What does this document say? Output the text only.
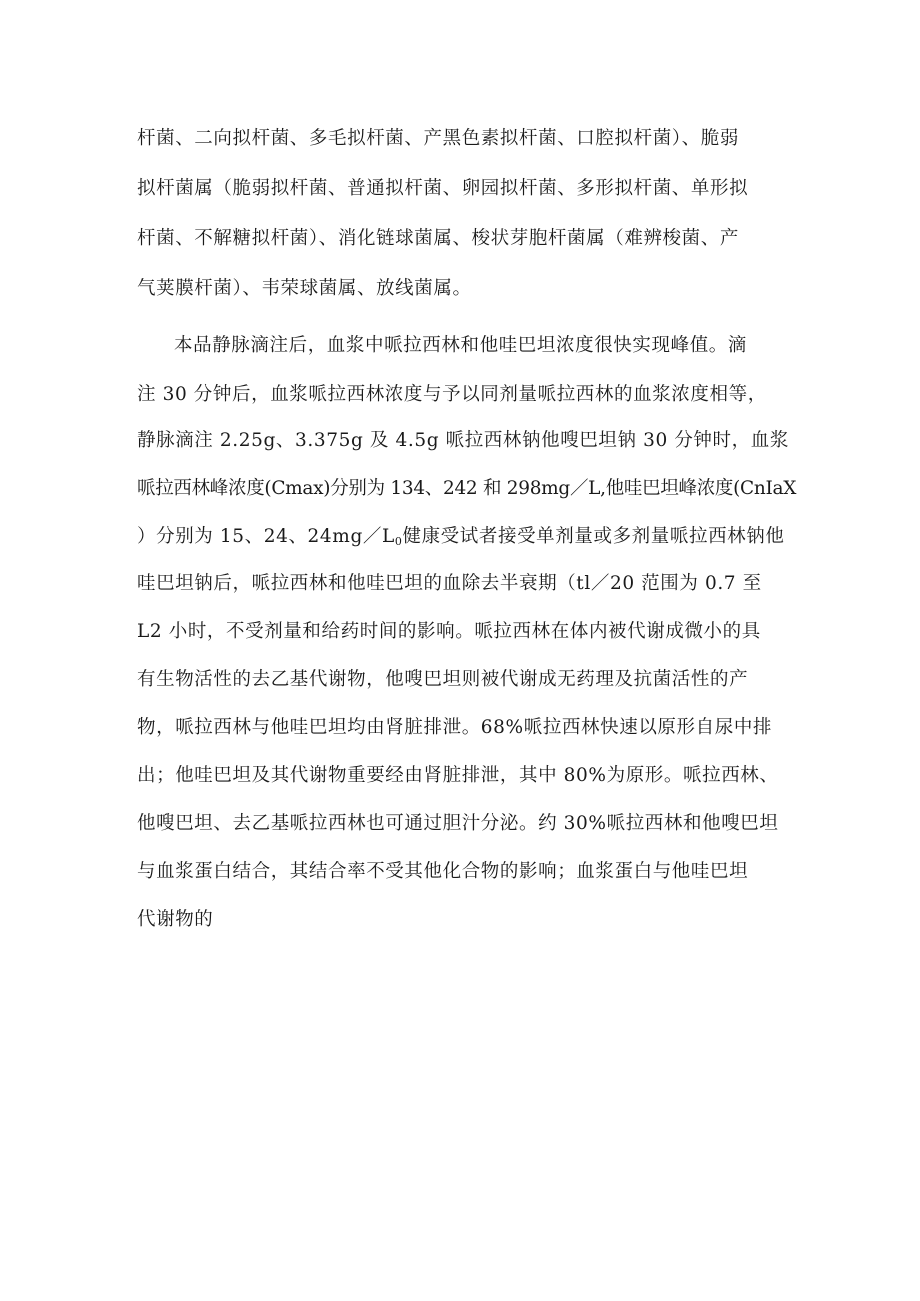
杆菌、二向拟杆菌、多毛拟杆菌、产黑色素拟杆菌、口腔拟杆菌）、脆弱
拟杆菌属（脆弱拟杆菌、普通拟杆菌、卵园拟杆菌、多形拟杆菌、单形拟
杆菌、不解糖拟杆菌）、消化链球菌属、梭状芽胞杆菌属（难辨梭菌、产
气荚膜杆菌）、韦荣球菌属、放线菌属。
本品静脉滴注后，血浆中哌拉西林和他哇巴坦浓度很快实现峰值。滴
注 30 分钟后，血浆哌拉西林浓度与予以同剂量哌拉西林的血浆浓度相等，
静脉滴注 2.25g、3.375g 及 4.5g 哌拉西林钠他嗖巴坦钠 30 分钟时，血浆
哌拉西林峰浓度(Cmax)分别为 134、242 和 298mg／L,他哇巴坦峰浓度(CnIaX
）分别为 15、24、$24mg/L_0$健康受试者接受单剂量或多剂量哌拉西林钠他
哇巴坦钠后，哌拉西林和他哇巴坦的血除去半衰期（tl／20 范围为 0.7 至
L2 小时，不受剂量和给药时间的影响。哌拉西林在体内被代谢成微小的具
有生物活性的去乙基代谢物，他嗖巴坦则被代谢成无药理及抗菌活性的产
物，哌拉西林与他哇巴坦均由肾脏排泄。68%哌拉西林快速以原形自尿中排
出；他哇巴坦及其代谢物重要经由肾脏排泄，其中 80%为原形。哌拉西林、
他嗖巴坦、去乙基哌拉西林也可通过胆汁分泌。约 30%哌拉西林和他嗖巴坦
与血浆蛋白结合，其结合率不受其他化合物的影响；血浆蛋白与他哇巴坦
代谢物的
